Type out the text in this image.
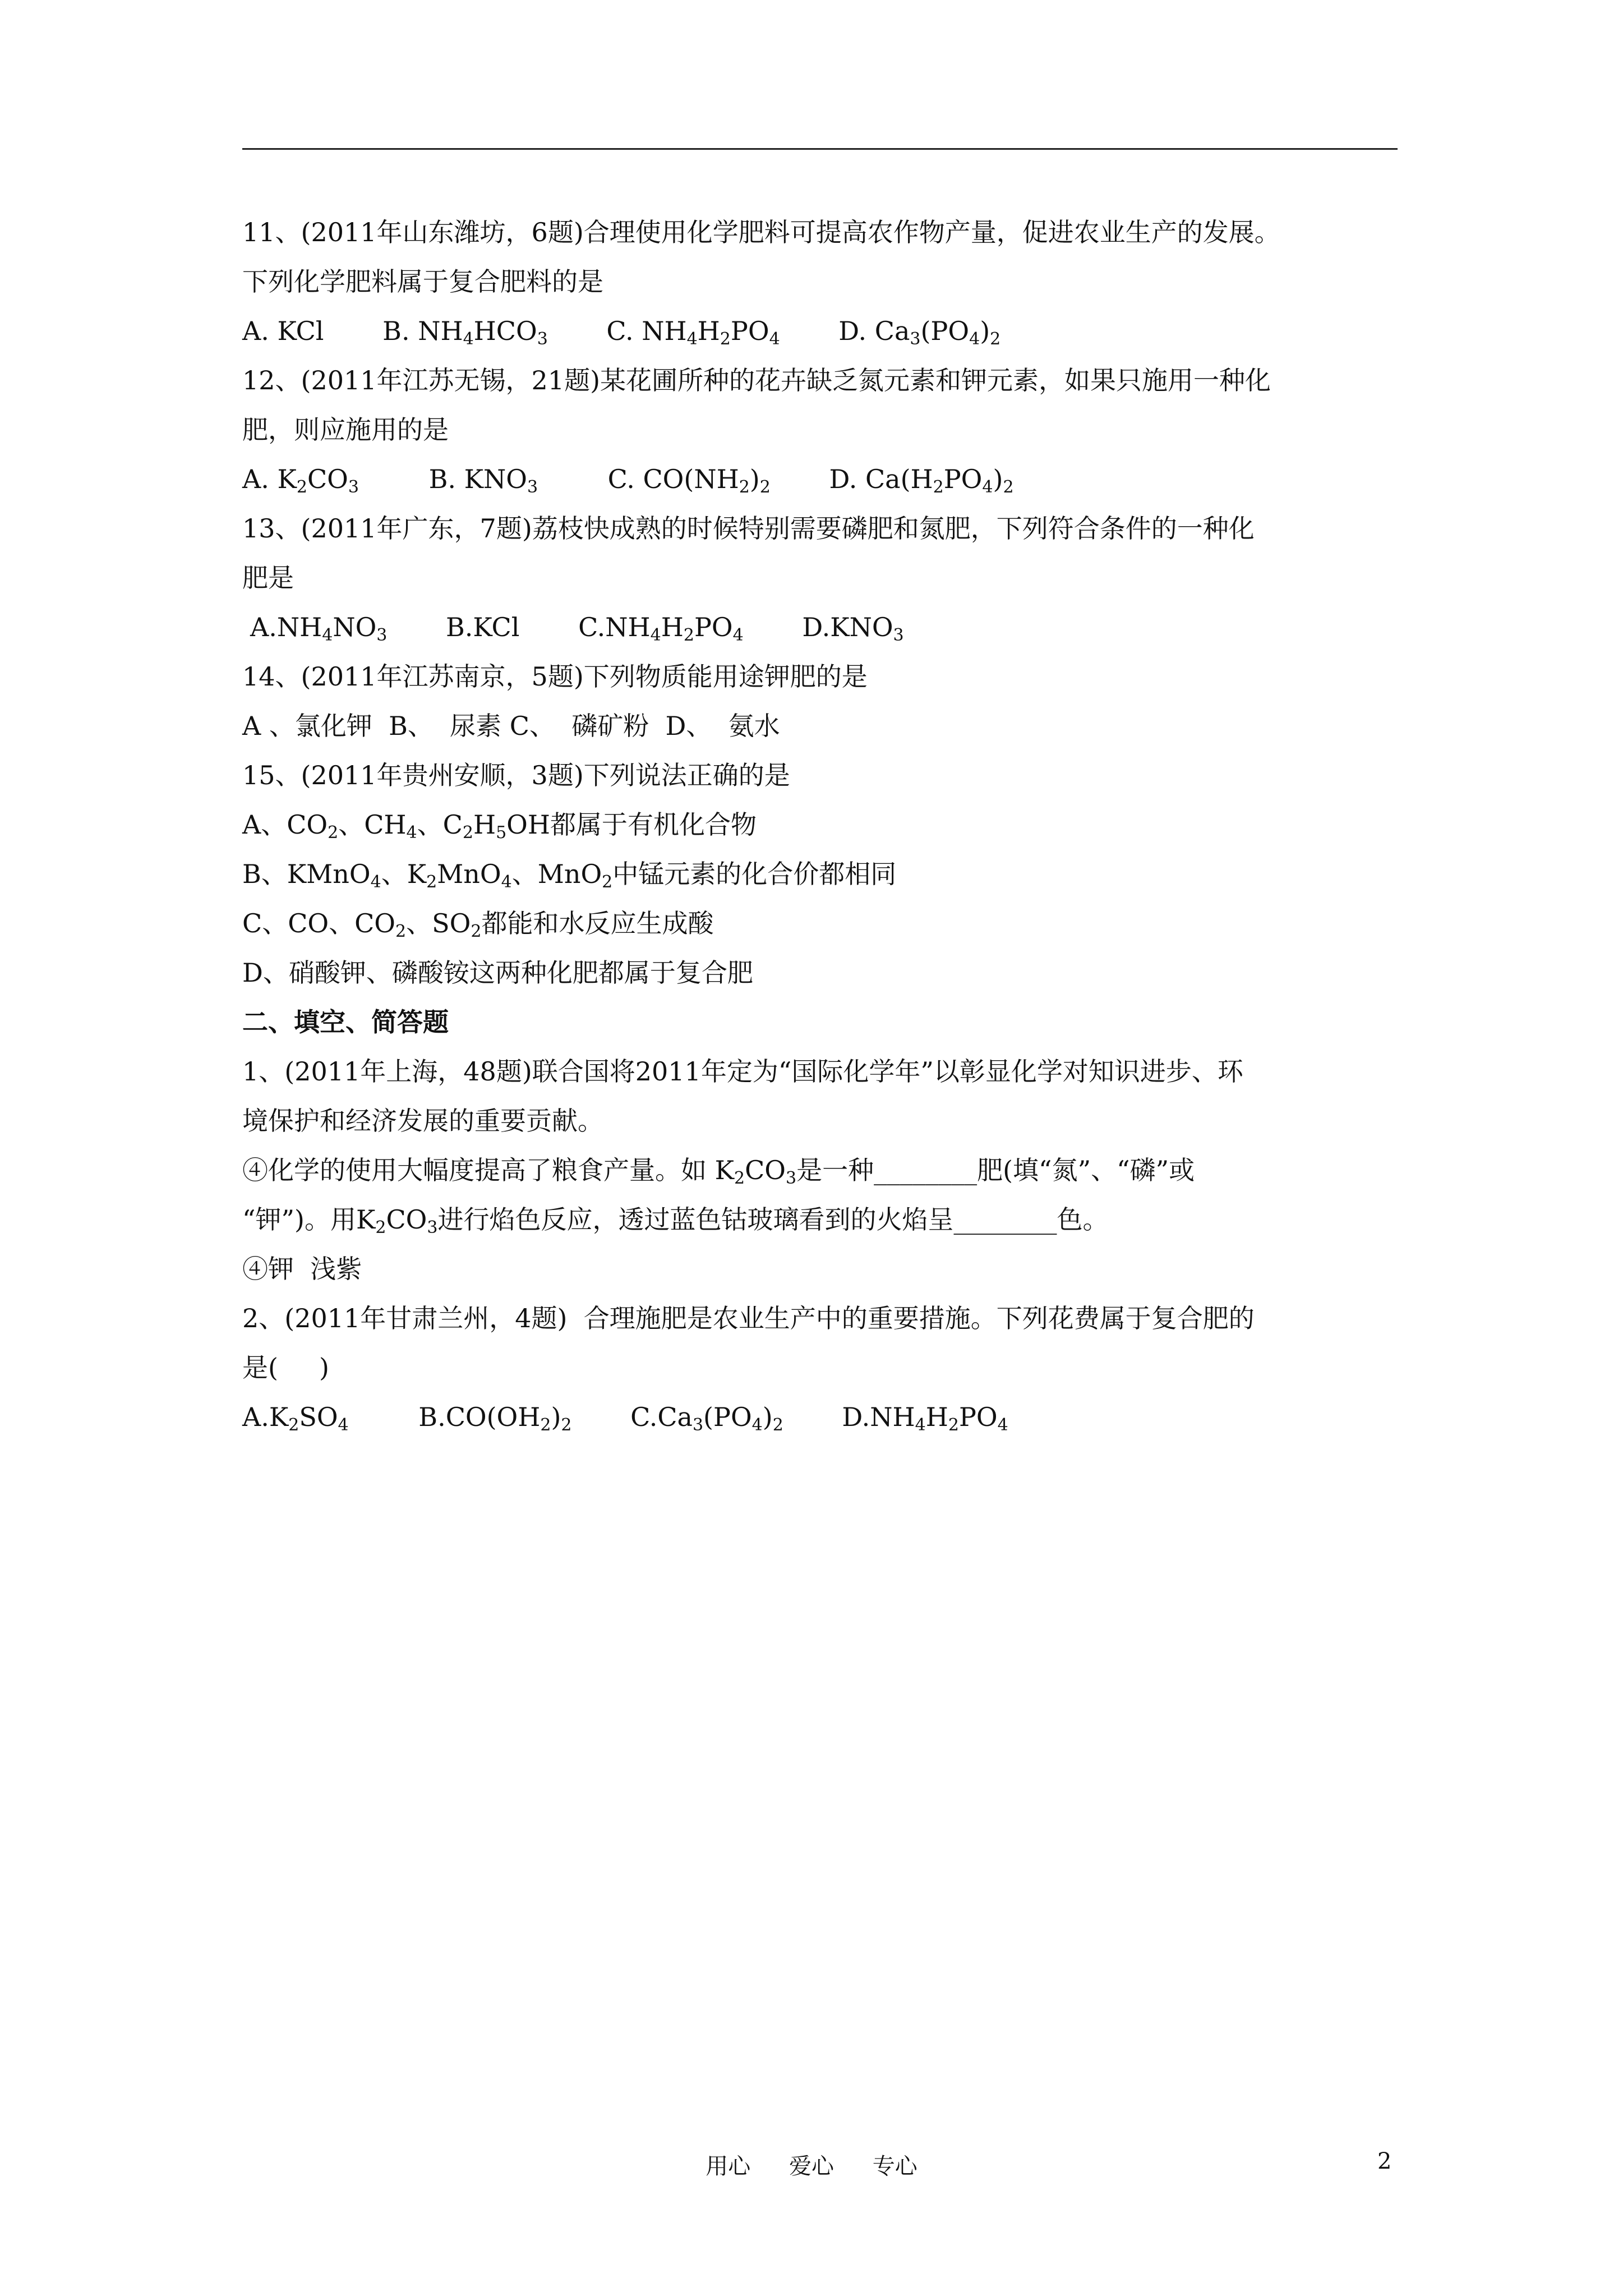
11、(2011年山东潍坊，6题)合理使用化学肥料可提高农作物产量，促进农业生产的发展。
下列化学肥料属于复合肥料的是
A. KCl B. $NH_4HCO_3$ C. $NH_4H_2PO_4$ D. $Ca_3(PO_4)_2$
12、(2011年江苏无锡，21题)某花圃所种的花卉缺乏氮元素和钾元素，如果只施用一种化
肥，则应施用的是
A. $K_2CO_3$	B. $KNO_3$	C. $CO(NH_2)_2$ D. $Ca(H_2PO_4)_2$
13、(2011年广东，7题)荔枝快成熟的时候特别需要磷肥和氮肥，下列符合条件的一种化
肥是
$A.NH_4NO_3$ B.KCl $C.NH_4H_2PO_4$ $D.KNO_3$
14、(2011年江苏南京，5题)下列物质能用途钾肥的是
A 、氯化钾  B、  尿素 C、  磷矿粉  D、  氨水
15、(2011年贵州安顺，3题)下列说法正确的是
A、$CO_2$、$CH_4$、$C_2H_5OH$都属于有机化合物
B、KMnO$_4$、$K_2MnO_4$、MnO$_2$中锰元素的化合价都相同
C、CO、$CO_2$、$SO_2$都能和水反应生成酸
D、硝酸钾、磷酸铵这两种化肥都属于复合肥
二、填空、简答题
1、(2011年上海，48题)联合国将2011年定为“国际化学年”以彰显化学对知识进步、环
境保护和经济发展的重要贡献。
④化学的使用大幅度提高了粮食产量。如 $K_2CO_3$是一种________肥(填“氮”、“磷”或
“钾”)。用$K_2CO_3$进行焰色反应，透过蓝色钴玻璃看到的火焰呈________色。
④钾  浅紫
2、(2011年甘肃兰州，4题)  合理施肥是农业生产中的重要措施。下列花费属于复合肥的
是(     )
$A.K_2SO_4$	$B.CO(OH_2)_2$ $C.Ca_3(PO_4)_2$ $D.NH_4H_2PO_4$
用心 爱心 专心	2
